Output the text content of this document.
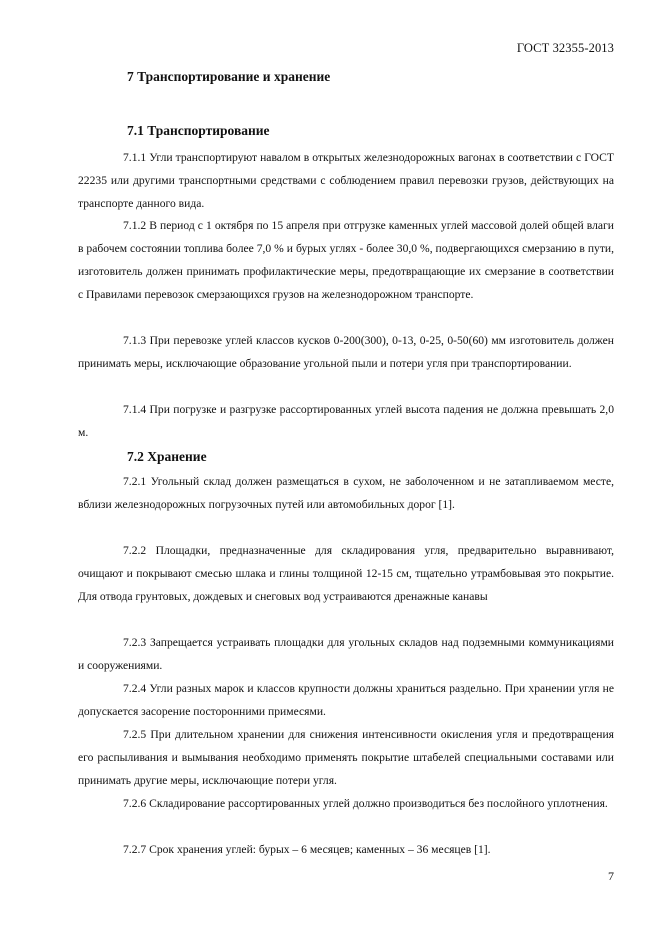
ГОСТ 32355-2013
7 Транспортирование и хранение
7.1 Транспортирование

7.1.1 Угли транспортируют навалом в открытых железнодорожных вагонах в соответствии с ГОСТ 22235 или другими транспортными средствами с соблюдением правил перевозки грузов, действующих на транспорте данного вида.

7.1.2 В период с 1 октября по 15 апреля при отгрузке каменных углей массовой долей общей влаги в рабочем состоянии топлива более 7,0 % и бурых углях - более 30,0 %, подвергающихся смерзанию в пути, изготовитель должен принимать профилактические меры, предотвращающие их смерзание в соответствии с Правилами перевозок смерзающихся грузов на железнодорожном транспорте.

7.1.3 При перевозке углей классов кусков 0-200(300), 0-13, 0-25, 0-50(60) мм изготовитель должен принимать меры, исключающие образование угольной пыли и потери угля при транспортировании.

7.1.4 При погрузке и разгрузке рассортированных углей высота падения не должна превышать 2,0 м.

7.2 Хранение

7.2.1 Угольный склад должен размещаться в сухом, не заболоченном и не затапливаемом месте, вблизи железнодорожных погрузочных путей или автомобильных дорог [1].

7.2.2 Площадки, предназначенные для складирования угля, предварительно выравнивают, очищают и покрывают смесью шлака и глины толщиной 12-15 см, тщательно утрамбовывая это покрытие. Для отвода грунтовых, дождевых и снеговых вод устраиваются дренажные канавы

7.2.3 Запрещается устраивать площадки для угольных складов над подземными коммуникациями и сооружениями.

7.2.4 Угли разных марок и классов крупности должны храниться раздельно. При хранении угля не допускается засорение посторонними примесями.

7.2.5 При длительном хранении для снижения интенсивности окисления угля и предотвращения его распыливания и вымывания необходимо применять покрытие штабелей специальными составами или принимать другие меры, исключающие потери угля.

7.2.6 Складирование рассортированных углей должно производиться без послойного уплотнения.

7.2.7 Срок хранения углей: бурых – 6 месяцев; каменных – 36 месяцев [1].

7
